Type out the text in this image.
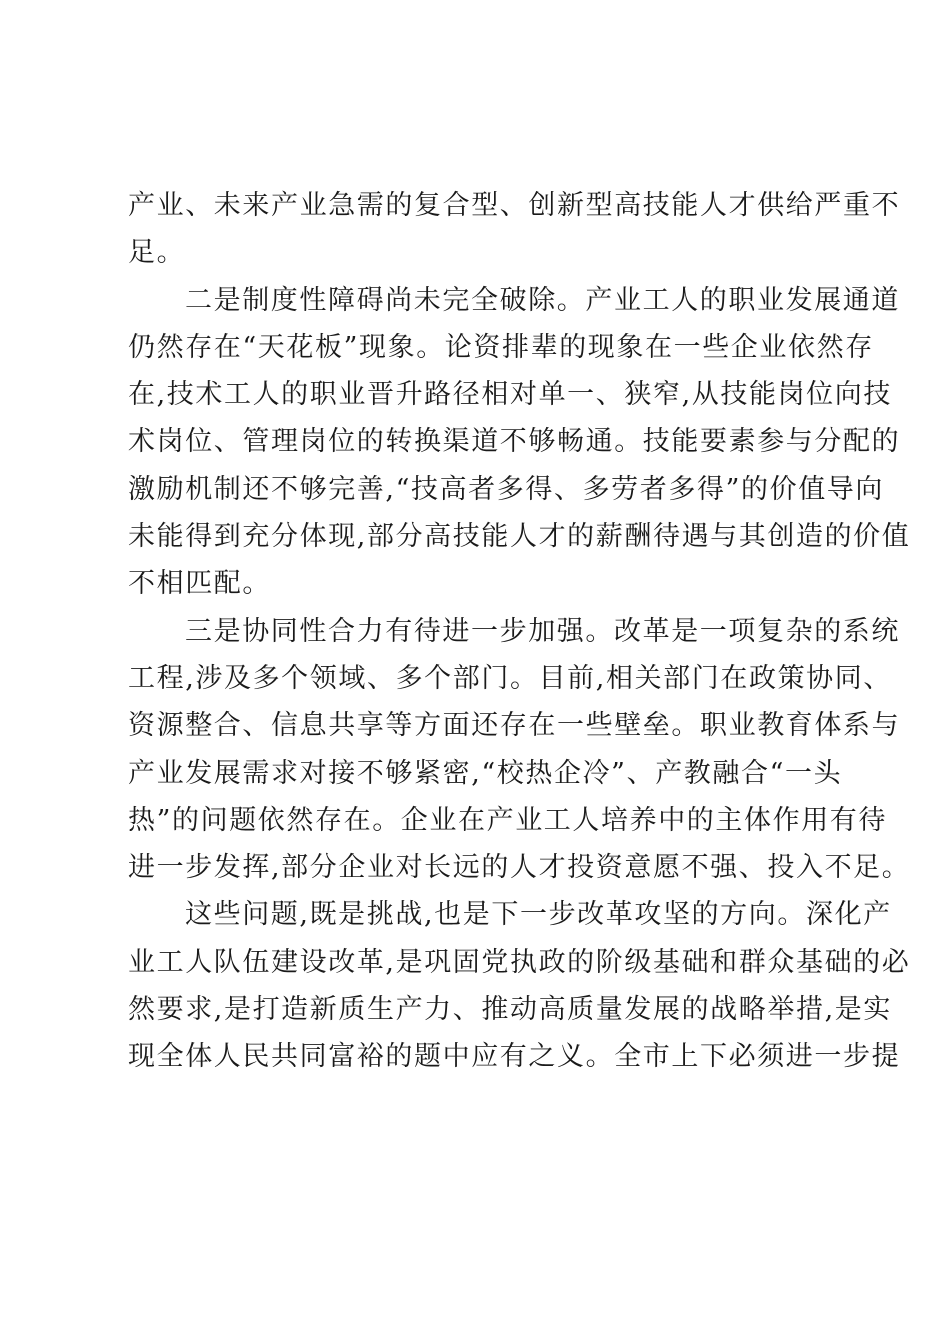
产业、未来产业急需的复合型、创新型高技能人才供给严重不
足。
二是制度性障碍尚未完全破除。产业工人的职业发展通道
仍然存在“天花板”现象。论资排辈的现象在一些企业依然存
在,技术工人的职业晋升路径相对单一、狭窄,从技能岗位向技
术岗位、管理岗位的转换渠道不够畅通。技能要素参与分配的
激励机制还不够完善,“技高者多得、多劳者多得”的价值导向
未能得到充分体现,部分高技能人才的薪酬待遇与其创造的价值
不相匹配。
三是协同性合力有待进一步加强。改革是一项复杂的系统
工程,涉及多个领域、多个部门。目前,相关部门在政策协同、
资源整合、信息共享等方面还存在一些壁垒。职业教育体系与
产业发展需求对接不够紧密,“校热企冷”、产教融合“一头
热”的问题依然存在。企业在产业工人培养中的主体作用有待
进一步发挥,部分企业对长远的人才投资意愿不强、投入不足。
这些问题,既是挑战,也是下一步改革攻坚的方向。深化产
业工人队伍建设改革,是巩固党执政的阶级基础和群众基础的必
然要求,是打造新质生产力、推动高质量发展的战略举措,是实
现全体人民共同富裕的题中应有之义。全市上下必须进一步提
